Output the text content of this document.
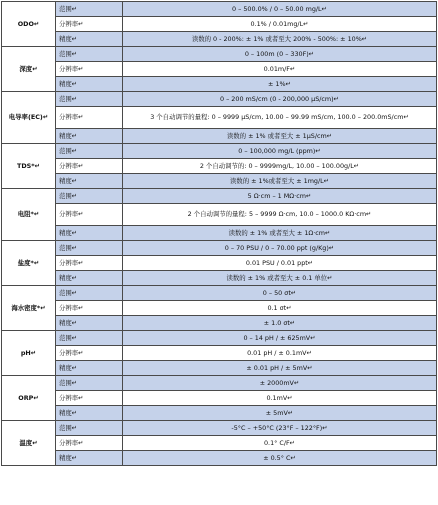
ODO↵	范围↵	0 – 500.0% / 0 – 50.00 mg/L↵
	分辨率↵	0.1% / 0.01mg/L↵
	精度↵	读数的 0 - 200%: ± 1% 或者至大 200% - 500%: ± 10%↵
深度↵	范围↵	0 – 100m (0 – 330F)↵
	分辨率↵	0.01m/F↵
	精度↵	± 1%↵
电导率(EC)↵	范围↵	0 – 200 mS/cm (0 - 200,000 μS/cm)↵
	分辨率↵	3 个自动调节的量程: 0 – 9999 μS/cm, 10.00 – 99.99 mS/cm, 100.0 – 200.0mS/cm↵
	精度↵	读数的 ± 1% 或者至大 ± 1μS/cm↵
TDS*↵	范围↵	0 – 100,000 mg/L (ppm)↵
	分辨率↵	2 个自动调节的: 0 – 9999mg/L, 10.00 – 100.00g/L↵
	精度↵	读数的 ± 1%或者至大 ± 1mg/L↵
电阻*↵	范围↵	5 Ω·cm – 1 MΩ·cm↵
	分辨率↵	2 个自动调节的量程: 5 – 9999 Ω·cm, 10.0 – 1000.0 KΩ·cm↵
	精度↵	读数的 ± 1% 或者至大 ± 1Ω·cm↵
盐度*↵	范围↵	0 – 70 PSU / 0 – 70.00 ppt (g/Kg)↵
	分辨率↵	0.01 PSU / 0.01 ppt↵
	精度↵	读数的 ± 1% 或者至大 ± 0.1 单位↵
海水密度*↵	范围↵	0 – 50 σt↵
	分辨率↵	0.1 σt↵
	精度↵	± 1.0 σt↵
pH↵	范围↵	0 – 14 pH / ± 625mV↵
	分辨率↵	0.01 pH / ± 0.1mV↵
	精度↵	± 0.01 pH / ± 5mV↵
ORP↵	范围↵	± 2000mV↵
	分辨率↵	0.1mV↵
	精度↵	± 5mV↵
温度↵	范围↵	-5°C – +50°C (23°F – 122°F)↵
	分辨率↵	0.1° C/F↵
	精度↵	± 0.5° C↵
